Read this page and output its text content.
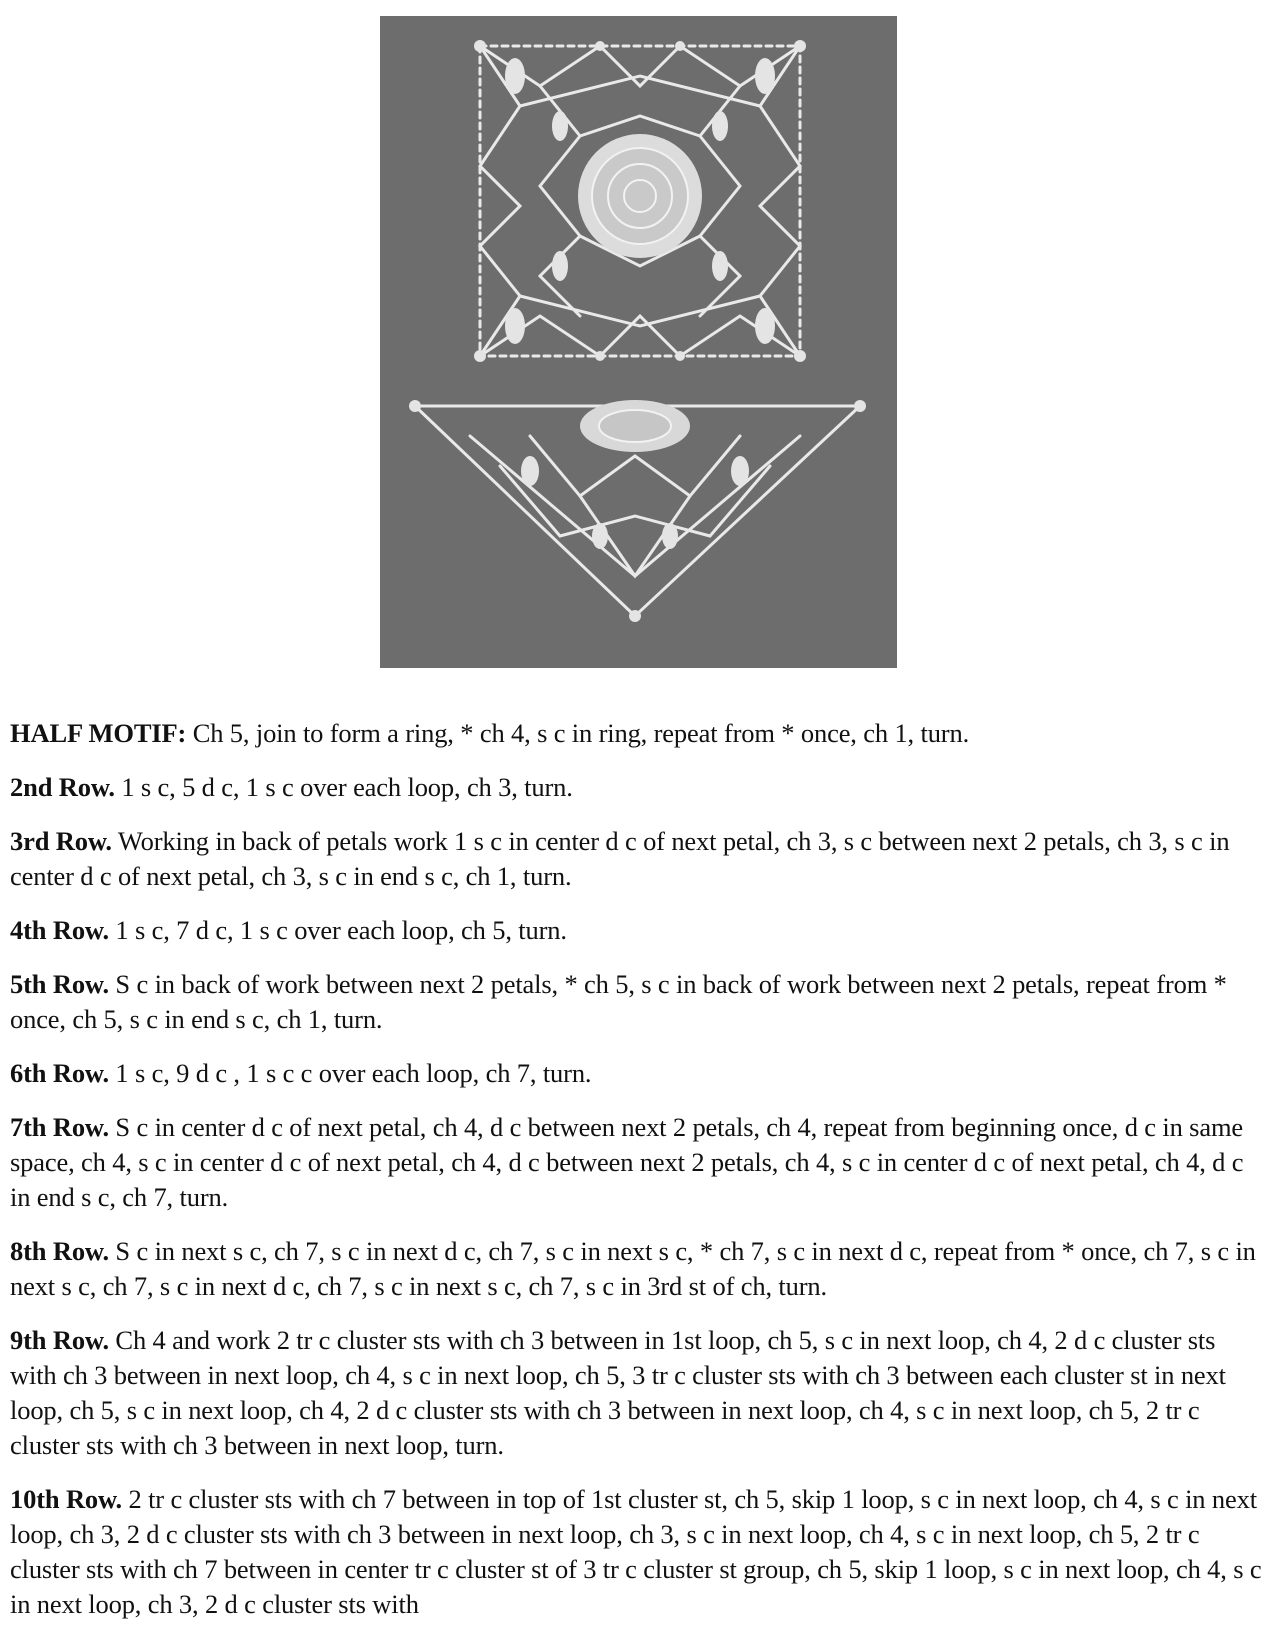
HALF MOTIF: Ch 5, join to form a ring, * ch 4, s c in ring, repeat from * once, ch 1, turn.

2nd Row. 1 s c, 5 d c, 1 s c over each loop, ch 3, turn.

3rd Row. Working in back of petals work 1 s c in center d c of next petal, ch 3, s c between next 2 petals, ch 3, s c in center d c of next petal, ch 3, s c in end s c, ch 1, turn.

4th Row. 1 s c, 7 d c, 1 s c over each loop, ch 5, turn.

5th Row. S c in back of work between next 2 petals, * ch 5, s c in back of work between next 2 petals, repeat from * once, ch 5, s c in end s c, ch 1, turn.

6th Row. 1 s c, 9 d c , 1 s c c over each loop, ch 7, turn.

7th Row. S c in center d c of next petal, ch 4, d c between next 2 petals, ch 4, repeat from beginning once, d c in same space, ch 4, s c in center d c of next petal, ch 4, d c between next 2 petals, ch 4, s c in center d c of next petal, ch 4, d c in end s c, ch 7, turn.

8th Row. S c in next s c, ch 7, s c in next d c, ch 7, s c in next s c, * ch 7, s c in next d c, repeat from * once, ch 7, s c in next s c, ch 7, s c in next d c, ch 7, s c in next s c, ch 7, s c in 3rd st of ch, turn.

9th Row. Ch 4 and work 2 tr c cluster sts with ch 3 between in 1st loop, ch 5, s c in next loop, ch 4, 2 d c cluster sts with ch 3 between in next loop, ch 4, s c in next loop, ch 5, 3 tr c cluster sts with ch 3 between each cluster st in next loop, ch 5, s c in next loop, ch 4, 2 d c cluster sts with ch 3 between in next loop, ch 4, s c in next loop, ch 5, 2 tr c cluster sts with ch 3 between in next loop, turn.

10th Row. 2 tr c cluster sts with ch 7 between in top of 1st cluster st, ch 5, skip 1 loop, s c in next loop, ch 4, s c in next loop, ch 3, 2 d c cluster sts with ch 3 between in next loop, ch 3, s c in next loop, ch 4, s c in next loop, ch 5, 2 tr c cluster sts with ch 7 between in center tr c cluster st of 3 tr c cluster st group, ch 5, skip 1 loop, s c in next loop, ch 4, s c in next loop, ch 3, 2 d c cluster sts with
